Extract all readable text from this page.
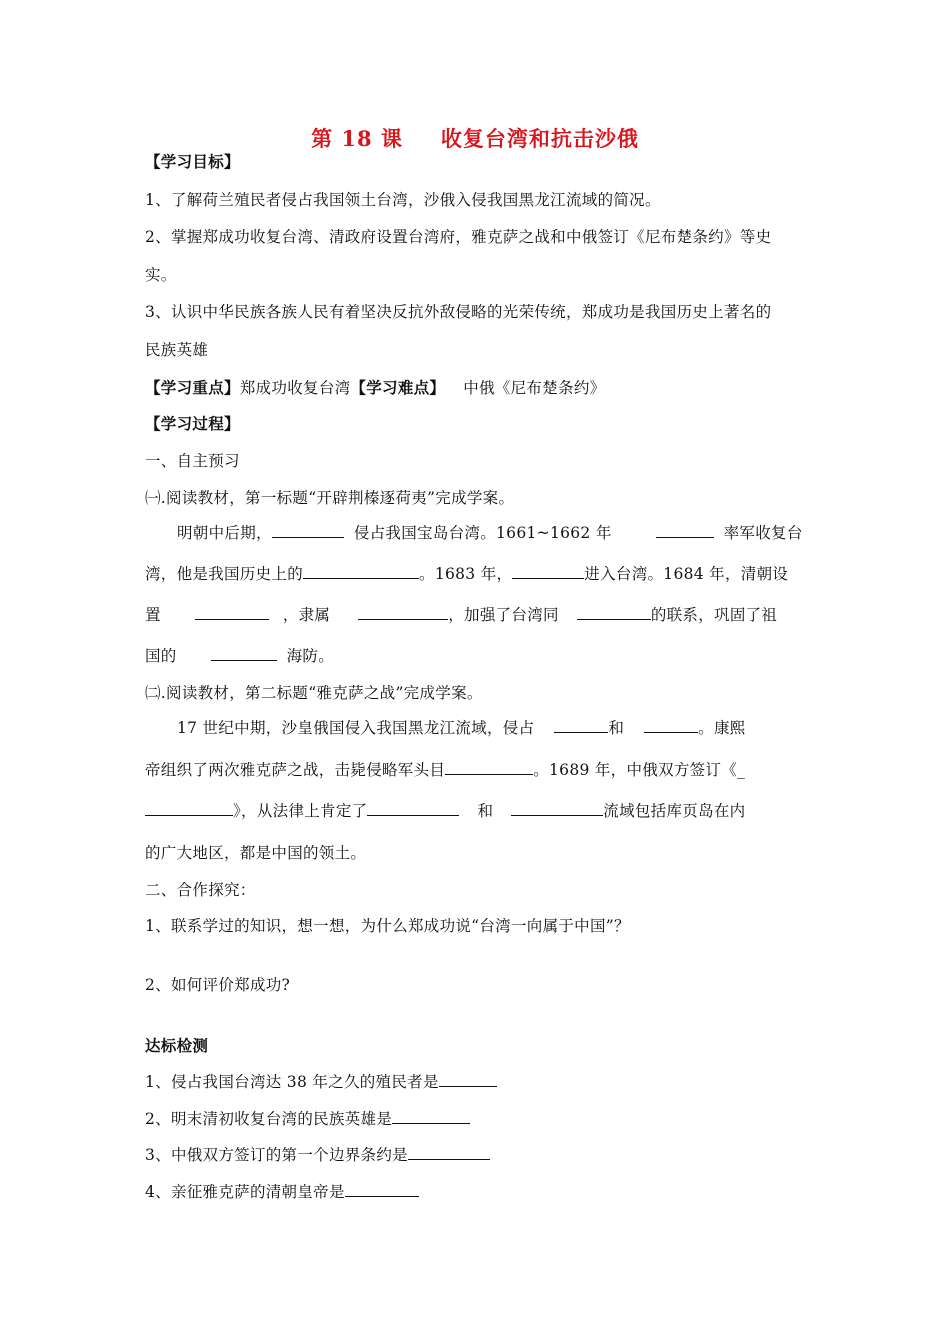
第 18 课 收复台湾和抗击沙俄
【学习目标】
1、了解荷兰殖民者侵占我国领土台湾，沙俄入侵我国黑龙江流域的简况。
2、掌握郑成功收复台湾、清政府设置台湾府，雅克萨之战和中俄签订《尼布楚条约》等史
实。
3、认识中华民族各族人民有着坚决反抗外敌侵略的光荣传统，郑成功是我国历史上著名的
民族英雄
【学习重点】郑成功收复台湾【学习难点】 中俄《尼布楚条约》
【学习过程】
一、自主预习
㈠.阅读教材，第一标题“开辟荆榛逐荷夷”完成学案。
明朝中后期，	侵占我国宝岛台湾。1661~1662 年	率军收复台
湾，他是我国历史上的	。1683 年，	进入台湾。1684 年，清朝设
置	，隶属	，加强了台湾同	的联系，巩固了祖
国的	海防。
㈡.阅读教材，第二标题“雅克萨之战”完成学案。
17 世纪中期，沙皇俄国侵入我国黑龙江流域，侵占	和	。康熙
帝组织了两次雅克萨之战，击毙侵略军头目	。1689 年，中俄双方签订《_
》，从法律上肯定了	和	流域包括库页岛在内
的广大地区，都是中国的领土。
二、合作探究：
1、联系学过的知识，想一想，为什么郑成功说“台湾一向属于中国”？
2、如何评价郑成功?
达标检测
1、侵占我国台湾达 38 年之久的殖民者是
2、明末清初收复台湾的民族英雄是
3、中俄双方签订的第一个边界条约是
4、亲征雅克萨的清朝皇帝是
